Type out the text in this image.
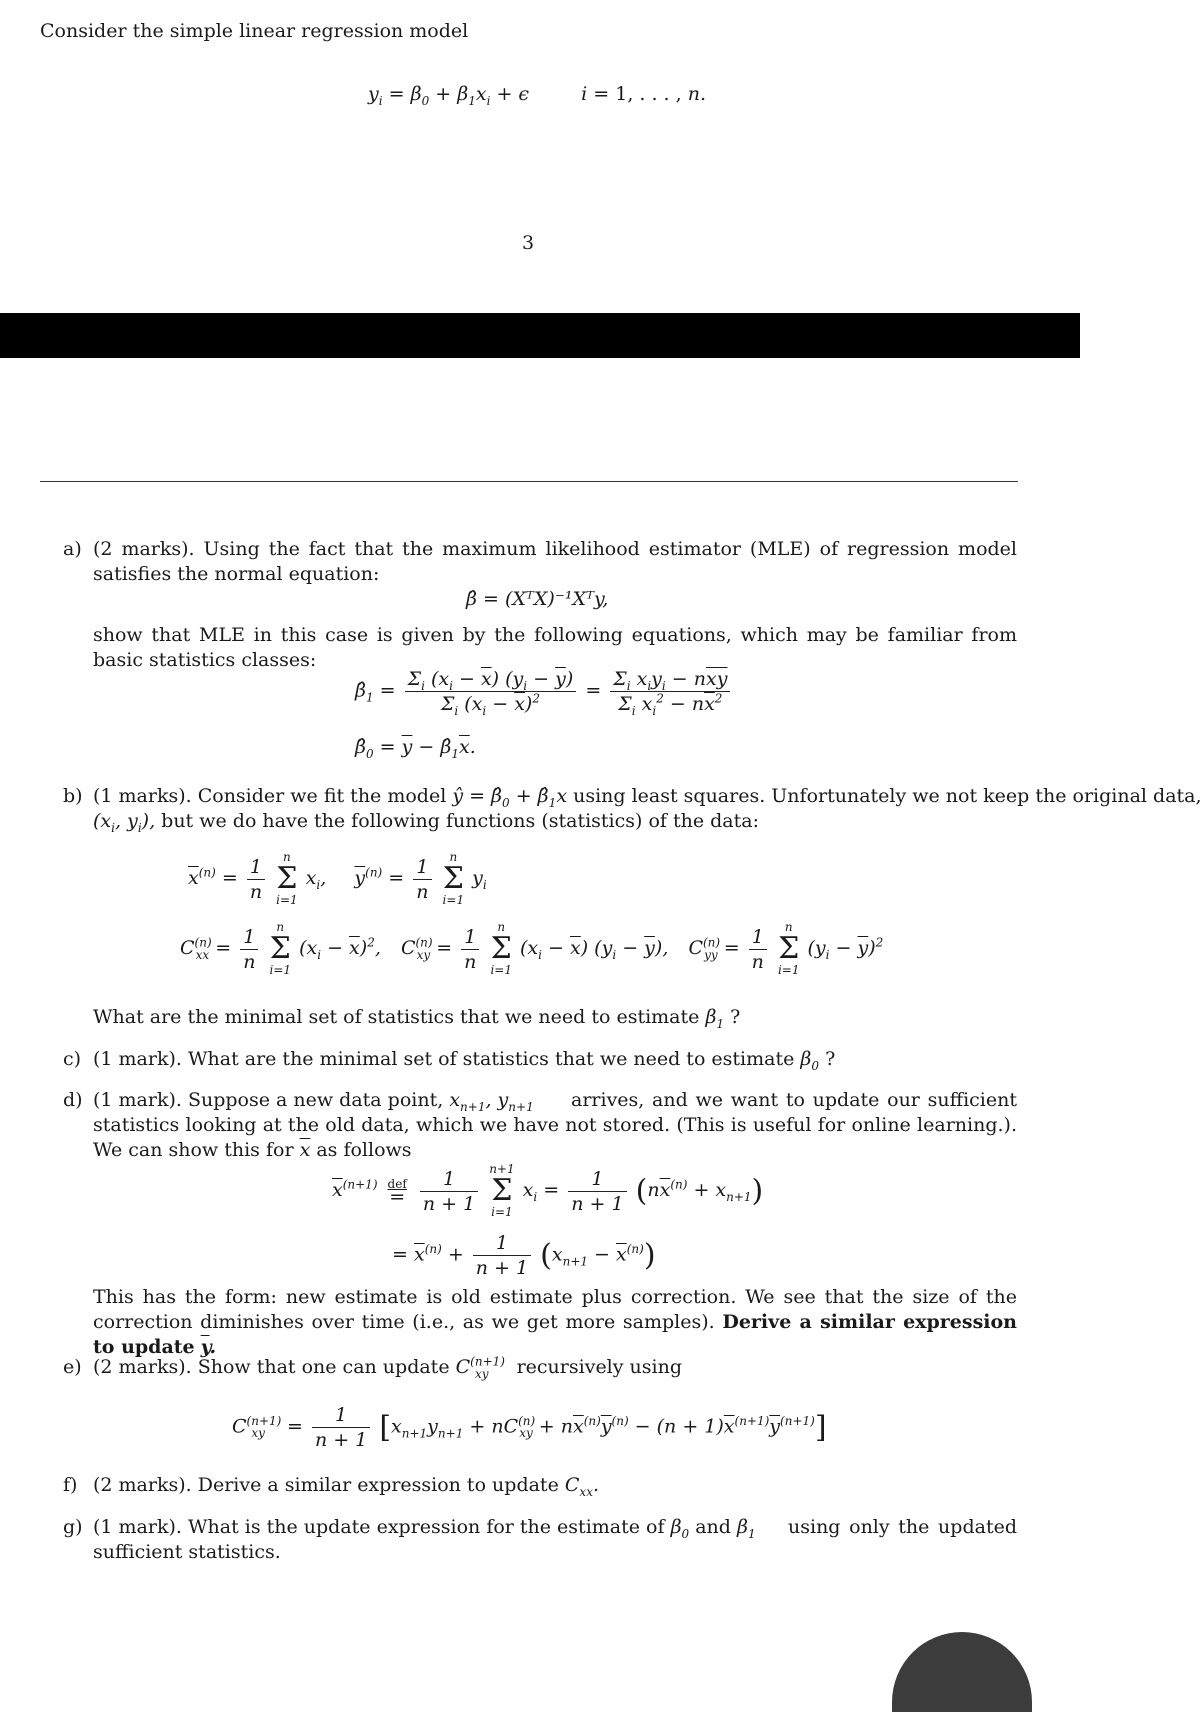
Consider the simple linear regression model
$y_i = \beta_0 + \beta_1x_i + \epsilon$  i = 1, . . . , n.
3
a) (2 marks). Using the fact that the maximum likelihood estimator (MLE) of regression model satisfies the normal equation:
β̂ = (XᵀX)⁻¹Xᵀy,
show that MLE in this case is given by the following equations, which may be familiar from basic statistics classes:
$\betâ_1 = \frac{\Sigma_i (x_i - \overline{x}) (y_i - \overline{y})}{\Sigma_i (x_i - \overline{x})^2} = \frac{\Sigma_i x_iy_i - n\overline{x}\overline{y}}{\Sigma_i x_i^2 - n\overline{x}^2}$
$\betâ_0 = \overline{y}$ − $\betâ_1\overline{x}$.
b) (1 marks). Consider we fit the model ŷ = $\betâ_0$ + $\betâ_1x$ using least squares. Unfortunately we not keep the original data,
($x_i$, $y_i$), but we do have the following functions (statistics) of the data:
$\overline{x}^{(n)} = \frac{1}{n}$
	n
Σ
i=1
$x_i$,  $\overline{y}^{(n)} = \frac{1}{n}$
	n
Σ
i=1
$y_i$
$C^{(n)}_{xx} = \frac{1}{n}$
	n
Σ
i=1
$(x_i - \overline{x})^2$,  $C^{(n)}_{xy} = \frac{1}{n}$
	n
Σ
i=1
$(x_i - \overline{x}) (y_i - \overline{y})$,  $C^{(n)}_{yy} = \frac{1}{n}$
	n
Σ
i=1
$(y_i - \overline{y})^2$
What are the minimal set of statistics that we need to estimate $\beta_1$ ?
c) (1 mark). What are the minimal set of statistics that we need to estimate $\beta_0$ ?
d) (1 mark). Suppose a new data point, $x_{n+1}$, $y_{n+1}$	arrives, and we want to update our sufficient statistics looking at the old data, which we have not stored. (This is useful for online learning.). We can show this for $\overline{x}$ as follows
$\overline{x}^{(n+1)}$ def
=
$\frac{1}{n + 1}$
n+1
Σ
i=1
$x_i = \frac{1}{n + 1} (n\overline{x}^{(n)} + x_{n+1})$
= $\overline{x}^{(n)} + \frac{1}{n + 1} (x_{n+1} - \overline{x}^{(n)})$
This has the form: new estimate is old estimate plus correction. We see that the size of the correction diminishes over time (i.e., as we get more samples). Derive a similar expression to update $\overline{y}$.
e) (2 marks). Show that one can update $C^{(n+1)}_{xy}$ recursively using
$C^{(n+1)}_{xy} = \frac{1}{n + 1} [x_{n+1}y_{n+1} + nC^{(n)}_{xy} + n\overline{x}^{(n)}\overline{y}^{(n)} - (n + 1)\overline{x}^{(n+1)}\overline{y}^{(n+1)}]$
f) (2 marks). Derive a similar expression to update $C_{xx}$.
g) (1 mark). What is the update expression for the estimate of $\beta_0$ and $\beta_1$	using only the updated sufficient statistics.
